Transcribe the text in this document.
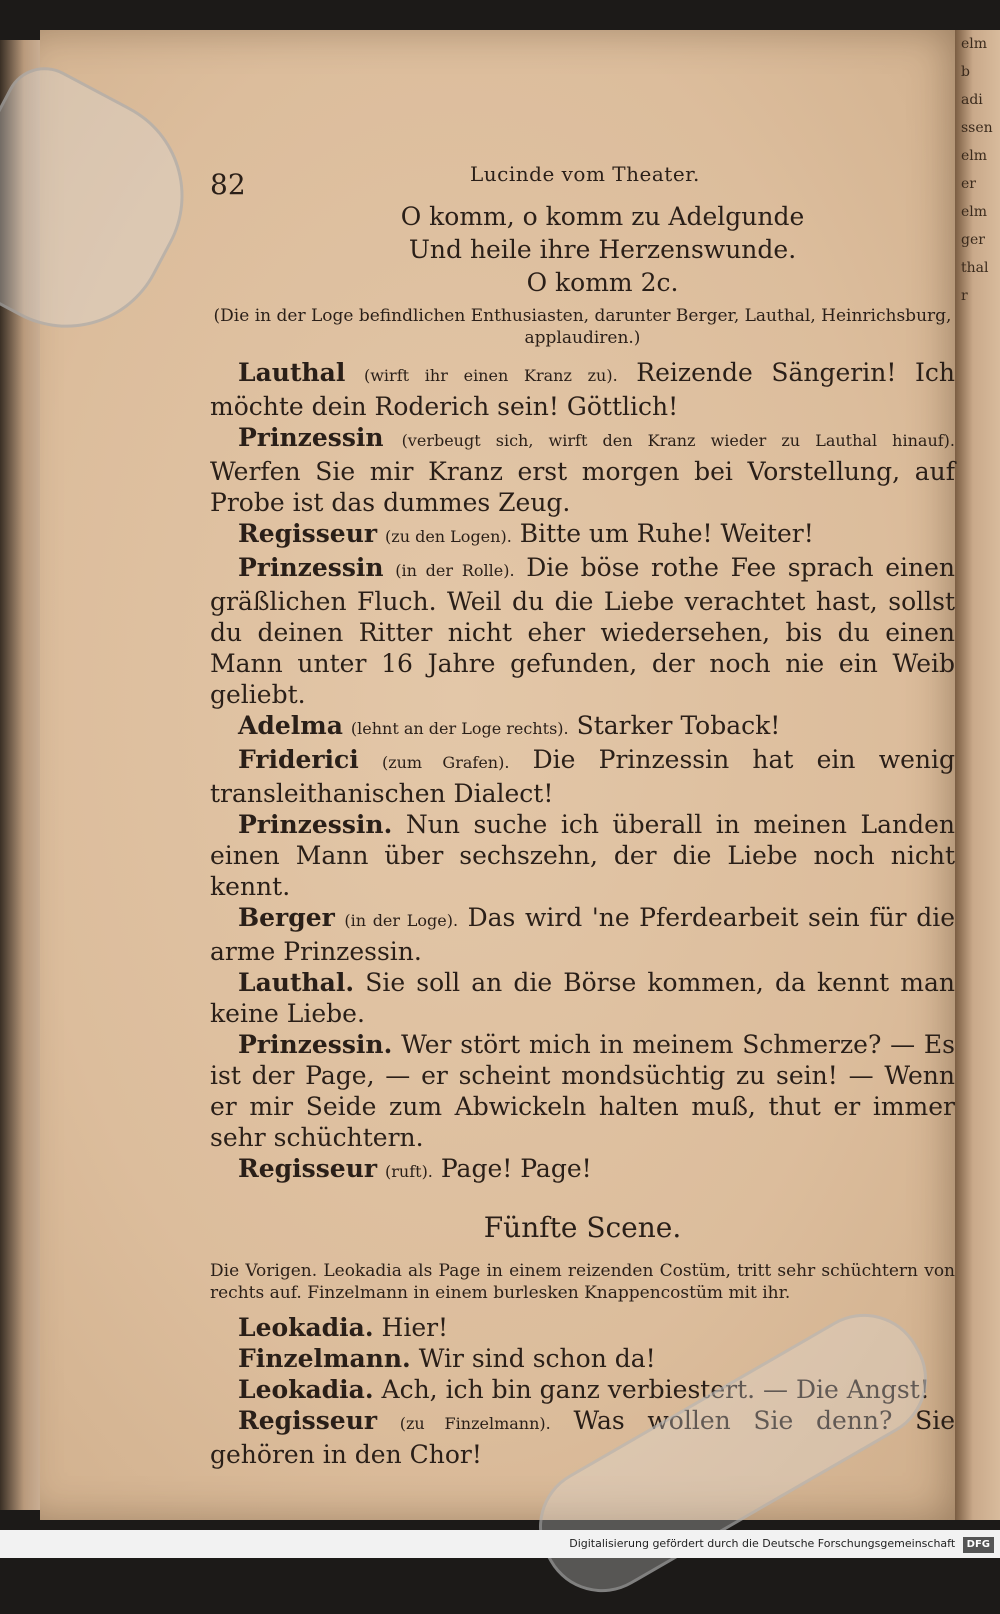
elm
b
adi
ssen
elm
er
elm
ger
thal
r
82	Lucinde vom Theater.
O komm, o komm zu Adelgunde
Und heile ihre Herzenswunde.
O komm 2c.
(Die in der Loge befindlichen Enthusiasten, darunter Berger, Lauthal, Heinrichsburg, applaudiren.)

Lauthal (wirft ihr einen Kranz zu). Reizende Sängerin! Ich möchte dein Roderich sein! Göttlich!

Prinzessin (verbeugt sich, wirft den Kranz wieder zu Lauthal hinauf). Werfen Sie mir Kranz erst morgen bei Vorstellung, auf Probe ist das dummes Zeug.

Regisseur (zu den Logen). Bitte um Ruhe! Weiter!

Prinzessin (in der Rolle). Die böse rothe Fee sprach einen gräßlichen Fluch. Weil du die Liebe verachtet hast, sollst du deinen Ritter nicht eher wiedersehen, bis du einen Mann unter 16 Jahre gefunden, der noch nie ein Weib geliebt.

Adelma (lehnt an der Loge rechts). Starker Toback!

Friderici (zum Grafen). Die Prinzessin hat ein wenig transleithanischen Dialect!

Prinzessin. Nun suche ich überall in meinen Landen einen Mann über sechszehn, der die Liebe noch nicht kennt.

Berger (in der Loge). Das wird 'ne Pferdearbeit sein für die arme Prinzessin.

Lauthal. Sie soll an die Börse kommen, da kennt man keine Liebe.

Prinzessin. Wer stört mich in meinem Schmerze? — Es ist der Page, — er scheint mondsüchtig zu sein! — Wenn er mir Seide zum Abwickeln halten muß, thut er immer sehr schüchtern.

Regisseur (ruft). Page! Page!

Fünfte Scene.
Die Vorigen. Leokadia als Page in einem reizenden Costüm, tritt sehr schüchtern von rechts auf. Finzelmann in einem burlesken Knappencostüm mit ihr.

Leokadia. Hier!

Finzelmann. Wir sind schon da!

Leokadia. Ach, ich bin ganz verbiestert. — Die Angst!

Regisseur (zu Finzelmann). Was wollen Sie denn? Sie gehören in den Chor!

Digitalisierung gefördert durch die Deutsche Forschungsgemeinschaft DFG
